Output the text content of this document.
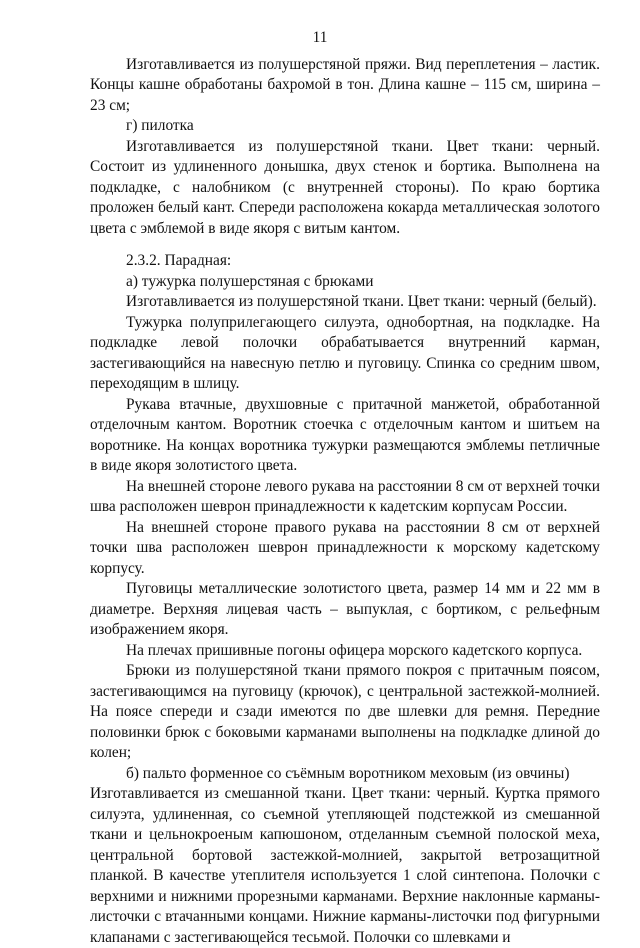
11

Изготавливается из полушерстяной пряжи. Вид переплетения – ластик. Концы кашне обработаны бахромой в тон. Длина кашне – 115 см, ширина – 23 см;

г) пилотка

Изготавливается из полушерстяной ткани. Цвет ткани: черный. Состоит из удлиненного донышка, двух стенок и бортика. Выполнена на подкладке, с налобником (с внутренней стороны). По краю бортика проложен белый кант. Спереди расположена кокарда металлическая золотого цвета с эмблемой в виде якоря с витым кантом.

2.3.2. Парадная:

а) тужурка полушерстяная с брюками

Изготавливается из полушерстяной ткани. Цвет ткани: черный (белый).

Тужурка полуприлегающего силуэта, однобортная, на подкладке. На подкладке левой полочки обрабатывается внутренний карман, застегивающийся на навесную петлю и пуговицу. Спинка со средним швом, переходящим в шлицу.

Рукава втачные, двухшовные с притачной манжетой, обработанной отделочным кантом. Воротник стоечка с отделочным кантом и шитьем на воротнике. На концах воротника тужурки размещаются эмблемы петличные в виде якоря золотистого цвета.

На внешней стороне левого рукава на расстоянии 8 см от верхней точки шва расположен шеврон принадлежности к кадетским корпусам России.

На внешней стороне правого рукава на расстоянии 8 см от верхней точки шва расположен шеврон принадлежности к морскому кадетскому корпусу.

Пуговицы металлические золотистого цвета, размер 14 мм и 22 мм в диаметре. Верхняя лицевая часть – выпуклая, с бортиком, с рельефным изображением якоря.

На плечах пришивные погоны офицера морского кадетского корпуса.

Брюки из полушерстяной ткани прямого покроя с притачным поясом, застегивающимся на пуговицу (крючок), с центральной застежкой-молнией. На поясе спереди и сзади имеются по две шлевки для ремня. Передние половинки брюк с боковыми карманами выполнены на подкладке длиной до колен;

б) пальто форменное со съёмным воротником меховым (из овчины)

Изготавливается из смешанной ткани. Цвет ткани: черный. Куртка прямого силуэта, удлиненная, со съемной утепляющей подстежкой из смешанной ткани и цельнокроеным капюшоном, отделанным съемной полоской меха, центральной бортовой застежкой-молнией, закрытой ветрозащитной планкой. В качестве утеплителя используется 1 слой синтепона. Полочки с верхними и нижними прорезными карманами. Верхние наклонные карманы-листочки с втачанными концами. Нижние карманы-листочки под фигурными клапанами с застегивающейся тесьмой. Полочки со шлевками и
